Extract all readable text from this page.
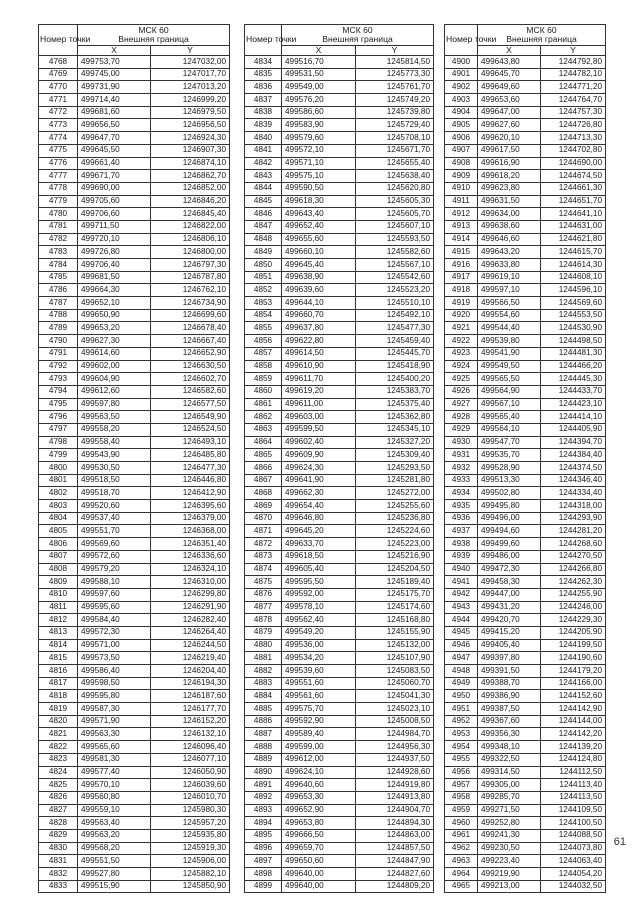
Номер точки	МСК 60
Внешняя граница	
	X	Y
4768	499753,70	1247032,00
4769	499745,00	1247017,70
4770	499731,90	1247013,20
4771	499714,40	1246999,20
4772	499681,60	1246979,50
4773	499656,50	1246956,50
4774	499647,70	1246924,30
4775	499645,50	1246907,30
4776	499661,40	1246874,10
4777	499671,70	1246862,70
4778	499690,00	1246852,00
4779	499705,60	1246846,20
4780	499706,60	1246845,40
4781	499711,50	1246822,00
4782	499720,10	1246806,10
4783	499726,80	1246800,00
4784	499706,40	1246797,30
4785	499681,50	1246787,80
4786	499664,30	1246762,10
4787	499652,10	1246734,90
4788	499650,90	1246699,60
4789	499653,20	1246678,40
4790	499627,30	1246667,40
4791	499614,60	1246652,90
4792	499602,00	1246630,50
4793	499604,90	1246602,70
4794	499612,60	1246582,60
4795	499597,80	1246577,50
4796	499563,50	1246549,90
4797	499558,20	1246524,50
4798	499558,40	1246493,10
4799	499543,90	1246485,80
4800	499530,50	1246477,30
4801	499518,50	1246446,80
4802	499518,70	1246412,90
4803	499520,60	1246395,60
4804	499537,40	1246379,00
4805	499551,70	1246368,00
4806	499569,60	1246351,40
4807	499572,60	1246336,60
4808	499579,20	1246324,10
4809	499588,10	1246310,00
4810	499597,60	1246299,80
4811	499595,60	1246291,90
4812	499584,40	1246282,40
4813	499572,30	1246264,40
4814	499571,00	1246244,50
4815	499573,50	1246219,40
4816	499586,40	1246204,40
4817	499598,50	1246194,30
4818	499595,80	1246187,60
4819	499587,30	1246177,70
4820	499571,90	1246152,20
4821	499563,30	1246132,10
4822	499565,60	1246096,40
4823	499581,30	1246077,10
4824	499577,40	1246050,90
4825	499570,10	1246039,60
4826	499560,80	1246010,70
4827	499559,10	1245980,30
4828	499563,40	1245957,20
4829	499563,20	1245935,80
4830	499568,20	1245919,30
4831	499551,50	1245906,00
4832	499527,80	1245882,10
4833	499515,90	1245850,90
Номер точки	МСК 60
Внешняя граница	
	X	Y
4834	499516,70	1245814,50
4835	499531,50	1245773,30
4836	499549,00	1245761,70
4837	499576,20	1245749,20
4838	499586,60	1245739,80
4839	499583,90	1245729,40
4840	499579,60	1245708,10
4841	499572,10	1245671,70
4842	499571,10	1245655,40
4843	499575,10	1245638,40
4844	499590,50	1245620,80
4845	499618,30	1245605,30
4846	499643,40	1245605,70
4847	499652,40	1245607,10
4848	499655,60	1245593,50
4849	499660,10	1245582,60
4850	499645,40	1245567,10
4851	499638,90	1245542,60
4852	499639,60	1245523,20
4853	499644,10	1245510,10
4854	499660,70	1245492,10
4855	499637,80	1245477,30
4856	499622,80	1245459,40
4857	499614,50	1245445,70
4858	499610,90	1245418,90
4859	499611,70	1245400,20
4860	499619,20	1245383,70
4861	499611,00	1245375,40
4862	499603,00	1245362,80
4863	499599,50	1245345,10
4864	499602,40	1245327,20
4865	499609,90	1245309,40
4866	499624,30	1245293,50
4867	499641,90	1245281,80
4868	499662,30	1245272,00
4869	499654,40	1245255,60
4870	499646,80	1245236,80
4871	499645,20	1245224,60
4872	499633,70	1245223,00
4873	499618,50	1245216,90
4874	499605,40	1245204,50
4875	499595,50	1245189,40
4876	499592,00	1245175,70
4877	499578,10	1245174,60
4878	499562,40	1245168,80
4879	499549,20	1245155,90
4880	499536,00	1245132,00
4881	499534,20	1245107,90
4882	499539,60	1245083,50
4883	499551,60	1245060,70
4884	499561,60	1245041,30
4885	499575,70	1245023,10
4886	499592,90	1245008,50
4887	499589,40	1244984,70
4888	499599,00	1244956,30
4889	499612,00	1244937,50
4890	499624,10	1244928,60
4891	499640,60	1244919,80
4892	499653,30	1244913,80
4893	499652,90	1244904,70
4894	499653,80	1244894,30
4895	499666,50	1244863,00
4896	499659,70	1244857,50
4897	499650,60	1244847,90
4898	499640,00	1244827,60
4899	499640,00	1244809,20
Номер точки	МСК 60
Внешняя граница	
	X	Y
4900	499643,80	1244792,80
4901	499645,70	1244782,10
4902	499649,60	1244771,20
4903	499653,60	1244764,70
4904	499647,00	1244757,30
4905	499627,60	1244726,80
4906	499620,10	1244713,30
4907	499617,50	1244702,80
4908	499616,90	1244690,00
4909	499618,20	1244674,50
4910	499623,80	1244661,30
4911	499631,50	1244651,70
4912	499634,00	1244641,10
4913	499638,60	1244631,00
4914	499646,60	1244621,80
4915	499643,20	1244615,70
4916	499633,80	1244614,30
4917	499619,10	1244608,10
4918	499597,10	1244596,10
4919	499566,50	1244569,60
4920	499554,60	1244553,50
4921	499544,40	1244530,90
4922	499539,80	1244498,50
4923	499541,90	1244481,30
4924	499549,50	1244466,20
4925	499565,50	1244445,30
4926	499564,90	1244433,70
4927	499567,10	1244423,10
4928	499565,40	1244414,10
4929	499564,10	1244405,90
4930	499547,70	1244394,70
4931	499535,70	1244384,40
4932	499528,90	1244374,50
4933	499513,30	1244346,40
4934	499502,80	1244334,40
4935	499495,80	1244318,00
4936	499496,00	1244293,90
4937	499494,60	1244281,20
4938	499499,60	1244268,60
4939	499486,00	1244270,50
4940	499472,30	1244266,80
4941	499458,30	1244262,30
4942	499447,00	1244255,90
4943	499431,20	1244246,00
4944	499420,70	1244229,30
4945	499415,20	1244205,90
4946	499405,40	1244199,50
4947	499397,80	1244190,60
4948	499391,50	1244179,20
4949	499388,70	1244166,00
4950	499386,90	1244152,60
4951	499387,50	1244142,90
4952	499367,60	1244144,00
4953	499356,30	1244142,20
4954	499348,10	1244139,20
4955	499322,50	1244124,80
4956	499314,50	1244112,50
4957	499305,00	1244113,40
4958	499285,70	1244113,50
4959	499271,50	1244109,50
4960	499252,80	1244100,50
4961	499241,30	1244088,50
4962	499230,50	1244073,80
4963	499223,40	1244063,40
4964	499219,90	1244054,20
4965	499213,00	1244032,50
61
